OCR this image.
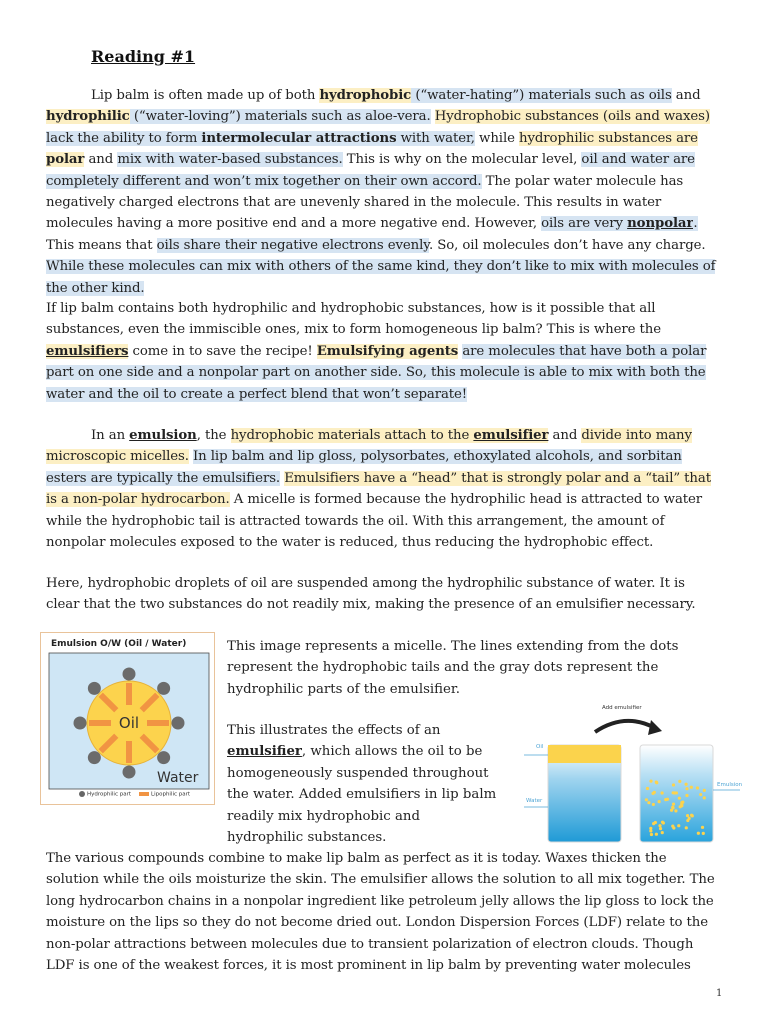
Reading #1

Lip balm is often made up of both hydrophobic (“water-hating”) materials such as oils and hydrophilic (“water-loving”) materials such as aloe-vera. Hydrophobic substances (oils and waxes) lack the ability to form intermolecular attractions with water, while hydrophilic substances are polar and mix with water-based substances. This is why on the molecular level, oil and water are completely different and won’t mix together on their own accord. The polar water molecule has negatively charged electrons that are unevenly shared in the molecule. This results in water molecules having a more positive end and a more negative end. However, oils are very nonpolar. This means that oils share their negative electrons evenly. So, oil molecules don’t have any charge. While these molecules can mix with others of the same kind, they don’t like to mix with molecules of the other kind.

If lip balm contains both hydrophilic and hydrophobic substances, how is it possible that all substances, even the immiscible ones, mix to form homogeneous lip balm? This is where the emulsifiers come in to save the recipe! Emulsifying agents are molecules that have both a polar part on one side and a nonpolar part on another side. So, this molecule is able to mix with both the water and the oil to create a perfect blend that won’t separate!

In an emulsion, the hydrophobic materials attach to the emulsifier and divide into many microscopic micelles. In lip balm and lip gloss, polysorbates, ethoxylated alcohols, and sorbitan esters are typically the emulsifiers. Emulsifiers have a “head” that is strongly polar and a “tail” that is a non-polar hydrocarbon. A micelle is formed because the hydrophilic head is attracted to water while the hydrophobic tail is attracted towards the oil. With this arrangement, the amount of nonpolar molecules exposed to the water is reduced, thus reducing the hydrophobic effect.

Here, hydrophobic droplets of oil are suspended among the hydrophilic substance of water. It is clear that the two substances do not readily mix, making the presence of an emulsifier necessary.

Oil
Water
Emulsion O/W (Oil / Water)
Hydrophilic part	Lipophilic part

This image represents a micelle. The lines extending from the dots represent the hydrophobic tails and the gray dots represent the hydrophilic parts of the emulsifier.

This illustrates the effects of an emulsifier, which allows the oil to be homogeneously suspended throughout the water. Added emulsifiers in lip balm readily mix hydrophobic and hydrophilic substances.

Add emulsifier
Oil
Water
Emulsion

The various compounds combine to make lip balm as perfect as it is today. Waxes thicken the solution while the oils moisturize the skin. The emulsifier allows the solution to all mix together. The long hydrocarbon chains in a nonpolar ingredient like petroleum jelly allows the lip gloss to lock the moisture on the lips so they do not become dried out. London Dispersion Forces (LDF) relate to the non-polar attractions between molecules due to transient polarization of electron clouds. Though LDF is one of the weakest forces, it is most prominent in lip balm by preventing water molecules

1
